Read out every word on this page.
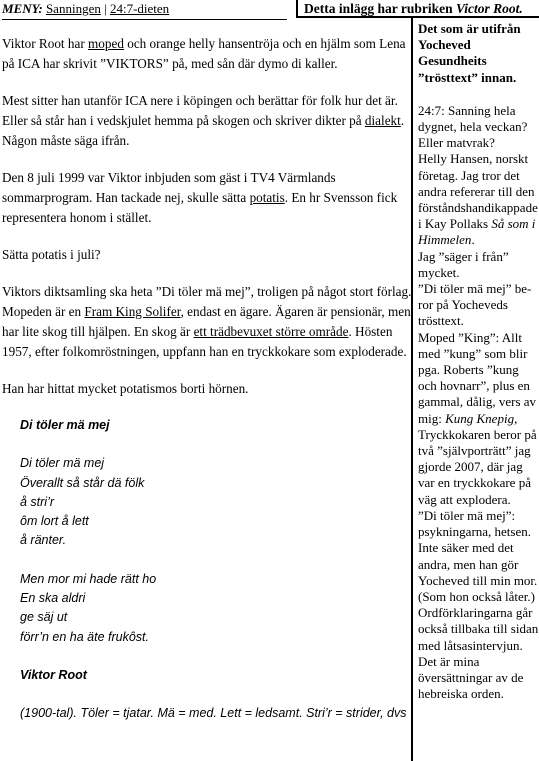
MENY: Sanningen | 24:7-dieten	Detta inlägg har rubriken Victor Root.

Viktor Root har moped och orange helly hansentröja och en hjälm som Lena på ICA har skrivit ”VIKTORS” på, med sån där dymo di kaller.

Mest sitter han utanför ICA nere i köpingen och berättar för folk hur det är. Eller så står han i vedskjulet hemma på skogen och skriver dikter på dialekt. Någon måste säga ifrån.

Den 8 juli 1999 var Viktor inbjuden som gäst i TV4 Värmlands sommarprogram. Han tackade nej, skulle sätta potatis. En hr Svensson fick representera honom i stället.

Sätta potatis i juli?

Viktors diktsamling ska heta ”Di töler mä mej”, troligen på något stort förlag. Mopeden är en Fram King Solifer, endast en ägare. Ägaren är pensionär, men har lite skog till hjälpen. En skog är ett trädbevuxet större område. Hösten 1957, efter folkomröstningen, uppfann han en tryckkokare som exploderade.

Han har hittat mycket potatismos borti hörnen.

Di töler mä mej
Di töler mä mej
Överallt så står dä fölk
å stri’r
ôm lort å lett
å ränter.
Men mor mi hade rätt ho
En ska aldri
ge säj ut
förr’n en ha äte frukôst.
Viktor Root
(1900-tal). Töler = tjatar. Mä = med. Lett = ledsamt. Stri’r = strider, dvs
Det som är utifrån Yocheved Gesundheits ”trösttext” innan.
24:7: Sanning hela dygnet, hela veckan? Eller matvrak?
Helly Hansen, norskt företag. Jag tror det andra refererar till den förståndshandikappade i Kay Pollaks Så som i Himmelen.
Jag ”säger i från” mycket.
”Di töler mä mej” beror på Yocheveds trösttext.
Moped ”King”: Allt med ”kung” som blir pga. Roberts ”kung och hovnarr”, plus en gammal, dålig, vers av mig: Kung Knepig,
Tryckkokaren beror på två ”självporträtt” jag gjorde 2007, där jag var en tryckkokare på väg att explodera.
”Di töler mä mej”: psykningarna, hetsen. Inte säker med det andra, men han gör Yocheved till min mor. (Som hon också låter.)
Ordförklaringarna går också tillbaka till sidan med låtsasintervjun. Det är mina översättningar av de hebreiska orden.
